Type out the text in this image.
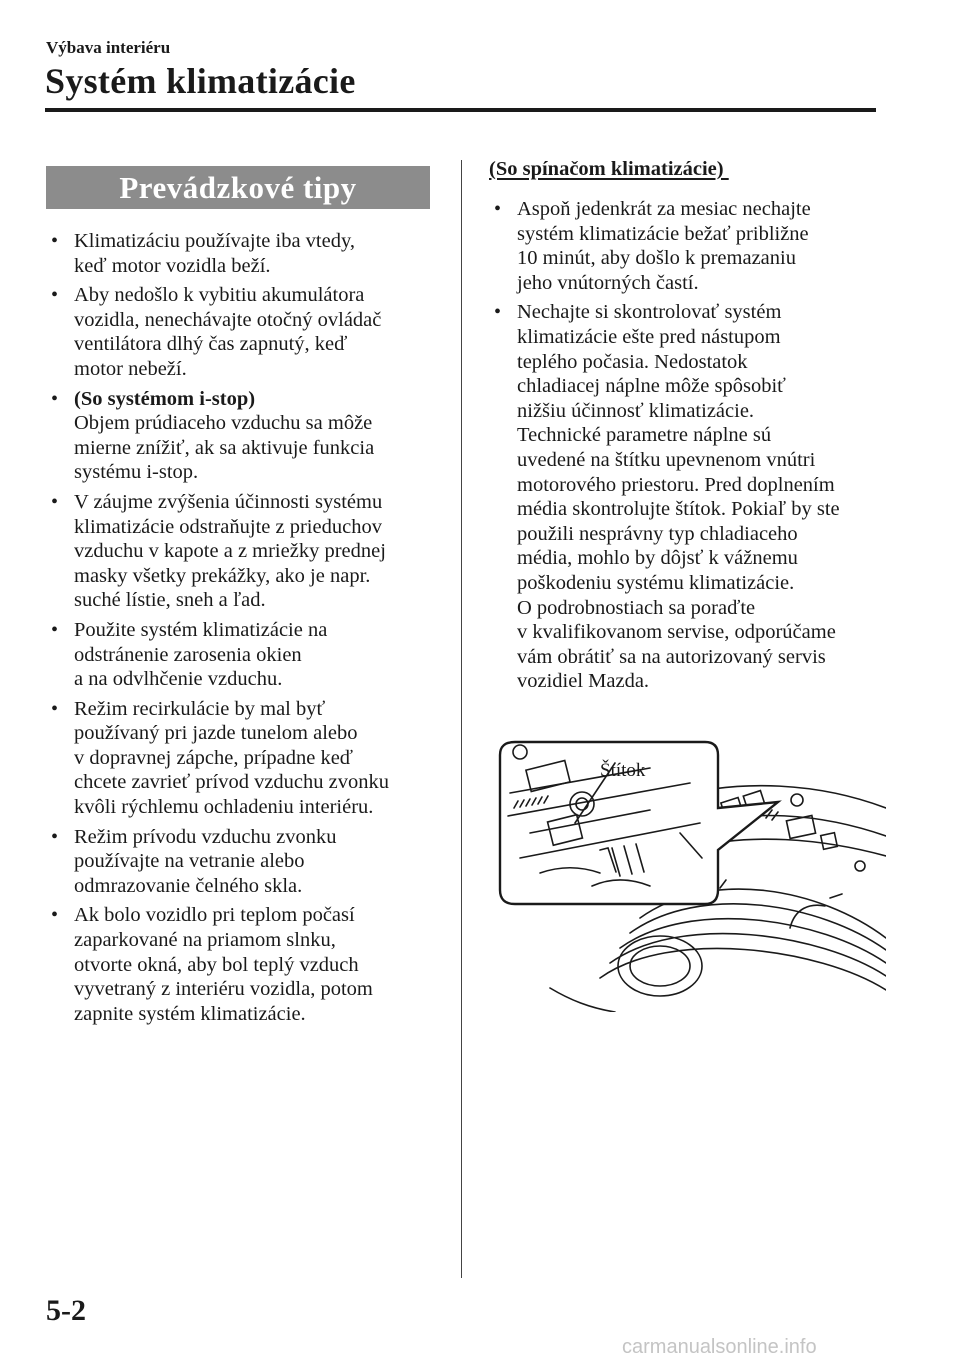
Výbava interiéru
Systém klimatizácie
Prevádzkové tipy
• Klimatizáciu používajte iba vtedy,
keď motor vozidla beží.
• Aby nedošlo k vybitiu akumulátora
vozidla, nenechávajte otočný ovládač
ventilátora dlhý čas zapnutý, keď
motor nebeží.
• (So systémom i-stop)
Objem prúdiaceho vzduchu sa môže
mierne znížiť, ak sa aktivuje funkcia
systému i-stop.
• V záujme zvýšenia účinnosti systému
klimatizácie odstraňujte z prieduchov
vzduchu v kapote a z mriežky prednej
masky všetky prekážky, ako je napr.
suché lístie, sneh a ľad.
• Použite systém klimatizácie na
odstránenie zarosenia okien
a na odvlhčenie vzduchu.
• Režim recirkulácie by mal byť
používaný pri jazde tunelom alebo
v dopravnej zápche, prípadne keď
chcete zavrieť prívod vzduchu zvonku
kvôli rýchlemu ochladeniu interiéru.
• Režim prívodu vzduchu zvonku
používajte na vetranie alebo
odmrazovanie čelného skla.
• Ak bolo vozidlo pri teplom počasí
zaparkované na priamom slnku,
otvorte okná, aby bol teplý vzduch
vyvetraný z interiéru vozidla, potom
zapnite systém klimatizácie.
(So spínačom klimatizácie)
• Aspoň jedenkrát za mesiac nechajte
systém klimatizácie bežať približne
10 minút, aby došlo k premazaniu
jeho vnútorných častí.
• Nechajte si skontrolovať systém
klimatizácie ešte pred nástupom
teplého počasia. Nedostatok
chladiacej náplne môže spôsobiť
nižšiu účinnosť klimatizácie.
Technické parametre náplne sú
uvedené na štítku upevnenom vnútri
motorového priestoru. Pred doplnením
média skontrolujte štítok. Pokiaľ by ste
použili nesprávny typ chladiaceho
média, mohlo by dôjsť k vážnemu
poškodeniu systému klimatizácie.
O podrobnostiach sa poraďte
v kvalifikovanom servise, odporúčame
vám obrátiť sa na autorizovaný servis
vozidiel Mazda.
Štítok
5-2
carmanualsonline.info
